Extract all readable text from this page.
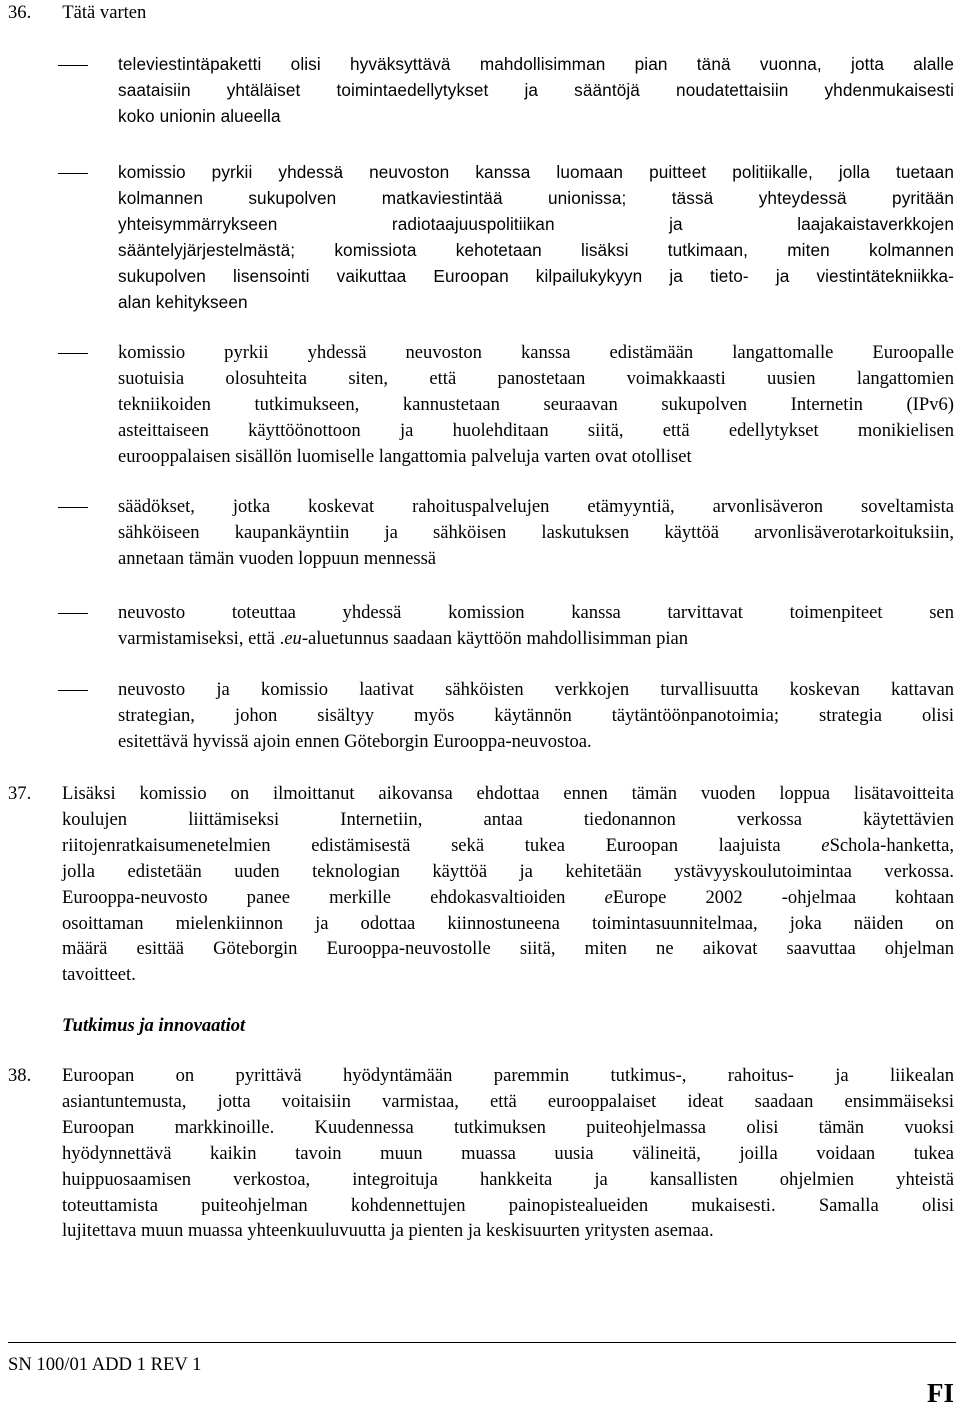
36. Tätä varten
televiestintäpaketti olisi hyväksyttävä mahdollisimman pian tänä vuonna, jotta alalle
saataisiin yhtäläiset toimintaedellytykset ja sääntöjä noudatettaisiin yhdenmukaisesti
koko unionin alueella
komissio pyrkii yhdessä neuvoston kanssa luomaan puitteet politiikalle, jolla tuetaan
kolmannen sukupolven matkaviestintää unionissa; tässä yhteydessä pyritään
yhteisymmärrykseen radiotaajuuspolitiikan ja laajakaistaverkkojen
sääntelyjärjestelmästä; komissiota kehotetaan lisäksi tutkimaan, miten kolmannen
sukupolven lisensointi vaikuttaa Euroopan kilpailukykyyn ja tieto- ja viestintätekniikka-
alan kehitykseen
komissio pyrkii yhdessä neuvoston kanssa edistämään langattomalle Euroopalle
suotuisia olosuhteita siten, että panostetaan voimakkaasti uusien langattomien
tekniikoiden tutkimukseen, kannustetaan seuraavan sukupolven Internetin (IPv6)
asteittaiseen käyttöönottoon ja huolehditaan siitä, että edellytykset monikielisen
eurooppalaisen sisällön luomiselle langattomia palveluja varten ovat otolliset
säädökset, jotka koskevat rahoituspalvelujen etämyyntiä, arvonlisäveron soveltamista
sähköiseen kaupankäyntiin ja sähköisen laskutuksen käyttöä arvonlisäverotarkoituksiin,
annetaan tämän vuoden loppuun mennessä
neuvosto toteuttaa yhdessä komission kanssa tarvittavat toimenpiteet sen
varmistamiseksi, että .eu-aluetunnus saadaan käyttöön mahdollisimman pian
neuvosto ja komissio laativat sähköisten verkkojen turvallisuutta koskevan kattavan
strategian, johon sisältyy myös käytännön täytäntöönpanotoimia; strategia olisi
esitettävä hyvissä ajoin ennen Göteborgin Eurooppa-neuvostoa.
37. Lisäksi komissio on ilmoittanut aikovansa ehdottaa ennen tämän vuoden loppua lisätavoitteita
koulujen liittämiseksi Internetiin, antaa tiedonannon verkossa käytettävien
riitojenratkaisumenetelmien edistämisestä sekä tukea Euroopan laajuista eSchola-hanketta,
jolla edistetään uuden teknologian käyttöä ja kehitetään ystävyyskoulutoimintaa verkossa.
Eurooppa-neuvosto panee merkille ehdokasvaltioiden eEurope 2002 -ohjelmaa kohtaan
osoittaman mielenkiinnon ja odottaa kiinnostuneena toimintasuunnitelmaa, joka näiden on
määrä esittää Göteborgin Eurooppa-neuvostolle siitä, miten ne aikovat saavuttaa ohjelman
tavoitteet.
Tutkimus ja innovaatiot
38. Euroopan on pyrittävä hyödyntämään paremmin tutkimus-, rahoitus- ja liikealan
asiantuntemusta, jotta voitaisiin varmistaa, että eurooppalaiset ideat saadaan ensimmäiseksi
Euroopan markkinoille. Kuudennessa tutkimuksen puiteohjelmassa olisi tämän vuoksi
hyödynnettävä kaikin tavoin muun muassa uusia välineitä, joilla voidaan tukea
huippuosaamisen verkostoa, integroituja hankkeita ja kansallisten ohjelmien yhteistä
toteuttamista puiteohjelman kohdennettujen painopistealueiden mukaisesti. Samalla olisi
lujitettava muun muassa yhteenkuuluvuutta ja pienten ja keskisuurten yritysten asemaa.
SN 100/01 ADD 1 REV 1
FI
